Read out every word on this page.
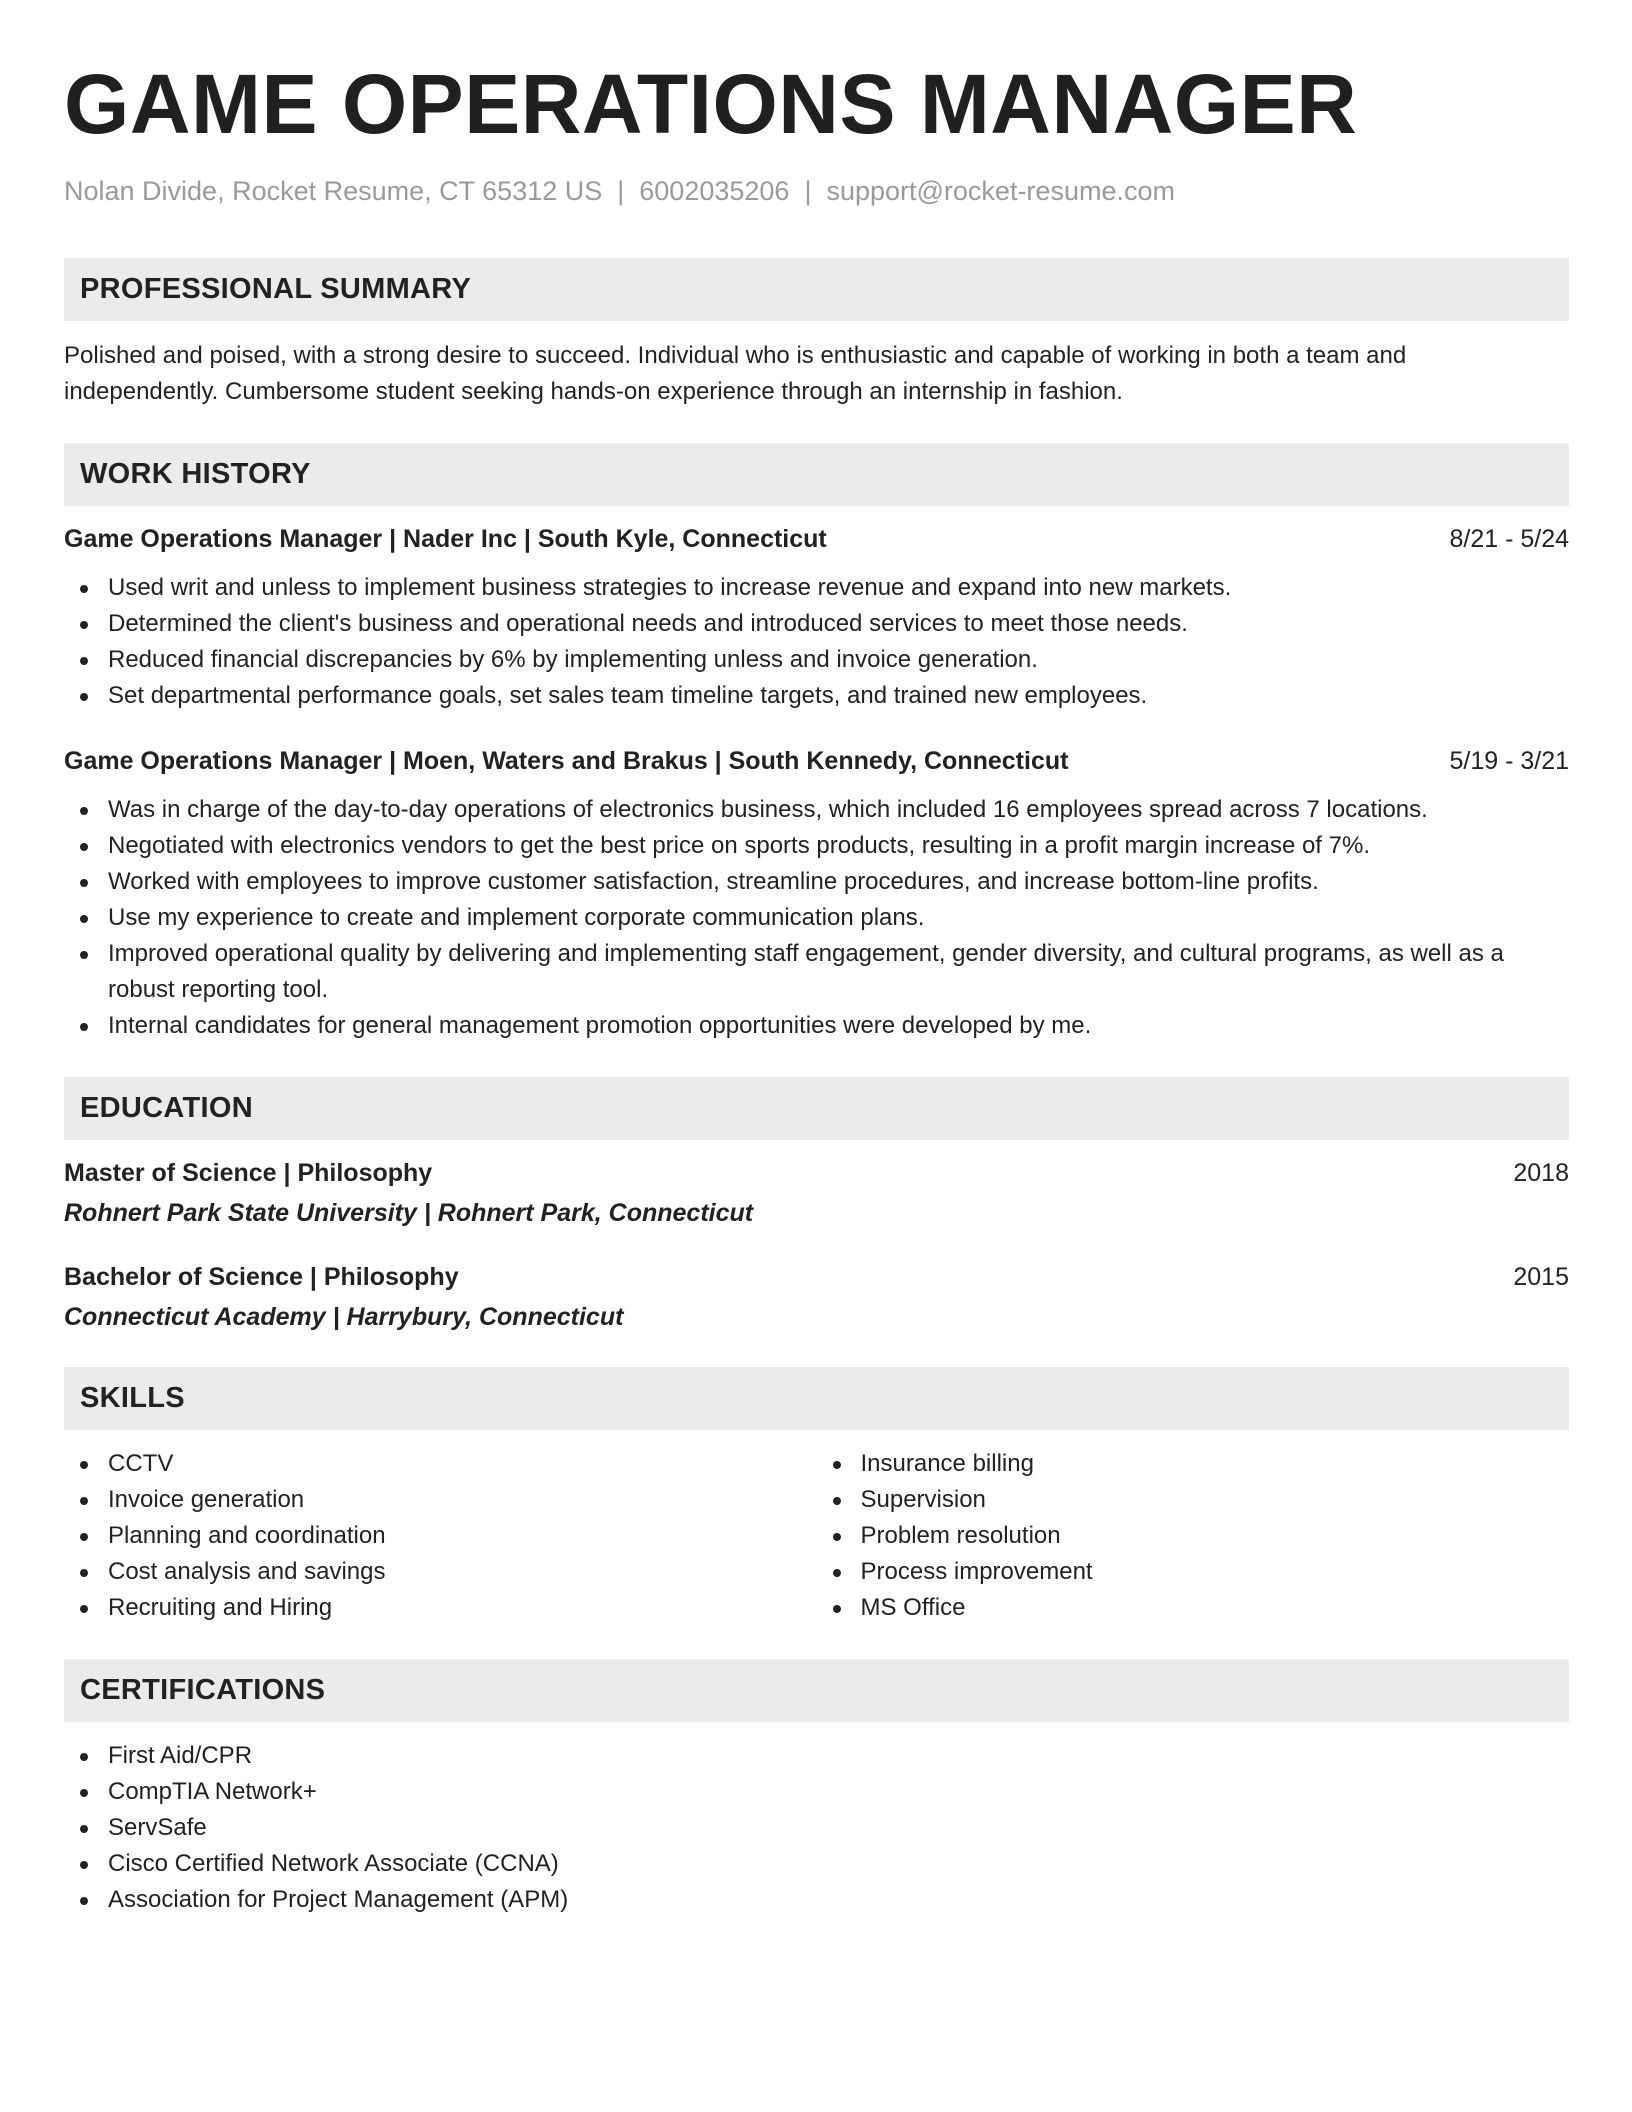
GAME OPERATIONS MANAGER
Nolan Divide, Rocket Resume, CT 65312 US | 6002035206 | support@rocket-resume.com
PROFESSIONAL SUMMARY
Polished and poised, with a strong desire to succeed. Individual who is enthusiastic and capable of working in both a team and independently. Cumbersome student seeking hands-on experience through an internship in fashion.
WORK HISTORY
Game Operations Manager | Nader Inc | South Kyle, Connecticut	8/21 - 5/24
Used writ and unless to implement business strategies to increase revenue and expand into new markets.
Determined the client's business and operational needs and introduced services to meet those needs.
Reduced financial discrepancies by 6% by implementing unless and invoice generation.
Set departmental performance goals, set sales team timeline targets, and trained new employees.
Game Operations Manager | Moen, Waters and Brakus | South Kennedy, Connecticut	5/19 - 3/21
Was in charge of the day-to-day operations of electronics business, which included 16 employees spread across 7 locations.
Negotiated with electronics vendors to get the best price on sports products, resulting in a profit margin increase of 7%.
Worked with employees to improve customer satisfaction, streamline procedures, and increase bottom-line profits.
Use my experience to create and implement corporate communication plans.
Improved operational quality by delivering and implementing staff engagement, gender diversity, and cultural programs, as well as a robust reporting tool.
Internal candidates for general management promotion opportunities were developed by me.
EDUCATION
Master of Science | Philosophy	2018
Rohnert Park State University | Rohnert Park, Connecticut
Bachelor of Science | Philosophy	2015
Connecticut Academy | Harrybury, Connecticut
SKILLS
CCTV
Invoice generation
Planning and coordination
Cost analysis and savings
Recruiting and Hiring
Insurance billing
Supervision
Problem resolution
Process improvement
MS Office
CERTIFICATIONS
First Aid/CPR
CompTIA Network+
ServSafe
Cisco Certified Network Associate (CCNA)
Association for Project Management (APM)
